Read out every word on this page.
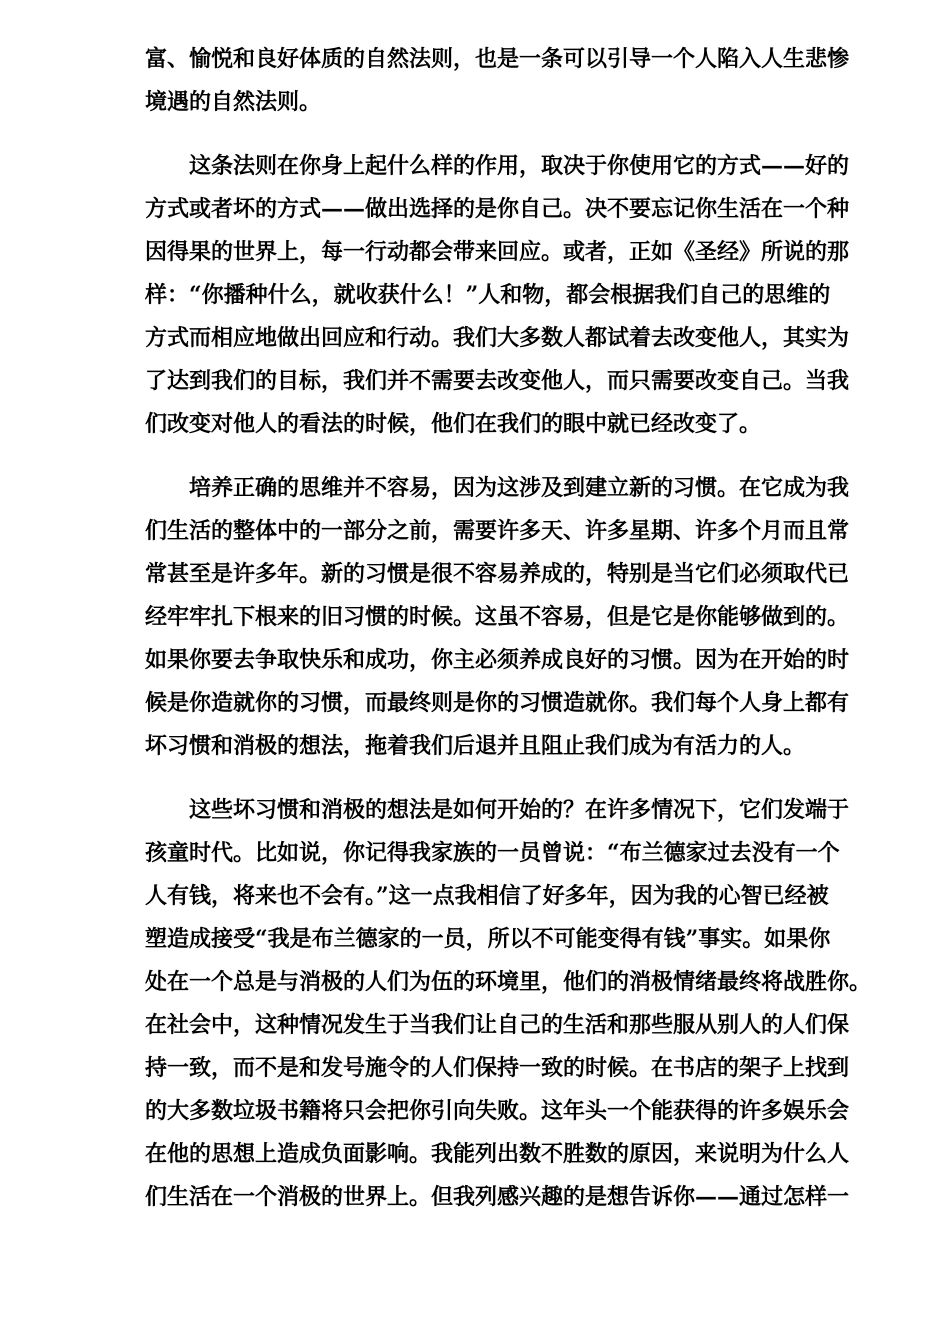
富、愉悦和良好体质的自然法则，也是一条可以引导一个人陷入人生悲惨
境遇的自然法则。
这条法则在你身上起什么样的作用，取决于你使用它的方式——好的
方式或者坏的方式——做出选择的是你自己。决不要忘记你生活在一个种
因得果的世界上，每一行动都会带来回应。或者，正如《圣经》所说的那
样：“你播种什么，就收获什么！”人和物，都会根据我们自己的思维的
方式而相应地做出回应和行动。我们大多数人都试着去改变他人，其实为
了达到我们的目标，我们并不需要去改变他人，而只需要改变自己。当我
们改变对他人的看法的时候，他们在我们的眼中就已经改变了。
培养正确的思维并不容易，因为这涉及到建立新的习惯。在它成为我
们生活的整体中的一部分之前，需要许多天、许多星期、许多个月而且常
常甚至是许多年。新的习惯是很不容易养成的，特别是当它们必须取代已
经牢牢扎下根来的旧习惯的时候。这虽不容易，但是它是你能够做到的。
如果你要去争取快乐和成功，你主必须养成良好的习惯。因为在开始的时
候是你造就你的习惯，而最终则是你的习惯造就你。我们每个人身上都有
坏习惯和消极的想法，拖着我们后退并且阻止我们成为有活力的人。
这些坏习惯和消极的想法是如何开始的？在许多情况下，它们发端于
孩童时代。比如说，你记得我家族的一员曾说：“布兰德家过去没有一个
人有钱，将来也不会有。”这一点我相信了好多年，因为我的心智已经被
塑造成接受“我是布兰德家的一员，所以不可能变得有钱”事实。如果你
处在一个总是与消极的人们为伍的环境里，他们的消极情绪最终将战胜你。
在社会中，这种情况发生于当我们让自己的生活和那些服从别人的人们保
持一致，而不是和发号施令的人们保持一致的时候。在书店的架子上找到
的大多数垃圾书籍将只会把你引向失败。这年头一个能获得的许多娱乐会
在他的思想上造成负面影响。我能列出数不胜数的原因，来说明为什么人
们生活在一个消极的世界上。但我列感兴趣的是想告诉你——通过怎样一
